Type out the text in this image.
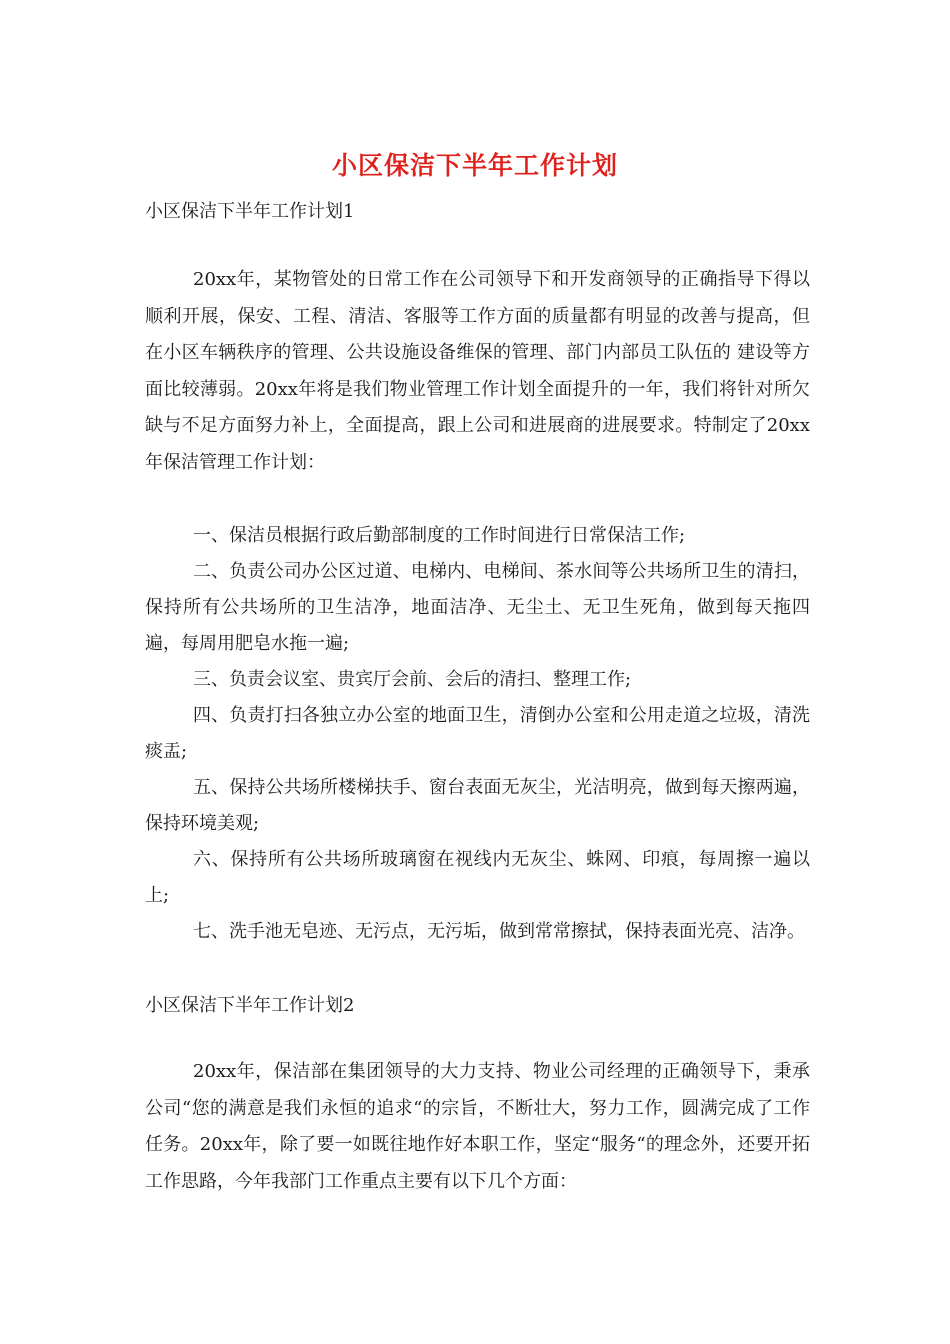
小区保洁下半年工作计划

小区保洁下半年工作计划1

20xx年，某物管处的日常工作在公司领导下和开发商领导的正确指导下得以顺利开展，保安、工程、清洁、客服等工作方面的质量都有明显的改善与提高，但在小区车辆秩序的管理、公共设施设备维保的管理、部门内部员工队伍的 建设等方面比较薄弱。20xx年将是我们物业管理工作计划全面提升的一年，我们将针对所欠缺与不足方面努力补上，全面提高，跟上公司和进展商的进展要求。特制定了20xx年保洁管理工作计划：

一、保洁员根据行政后勤部制度的工作时间进行日常保洁工作;

二、负责公司办公区过道、电梯内、电梯间、茶水间等公共场所卫生的清扫，保持所有公共场所的卫生洁净，地面洁净、无尘土、无卫生死角，做到每天拖四遍，每周用肥皂水拖一遍;

三、负责会议室、贵宾厅会前、会后的清扫、整理工作;

四、负责打扫各独立办公室的地面卫生，清倒办公室和公用走道之垃圾，清洗痰盂;

五、保持公共场所楼梯扶手、窗台表面无灰尘，光洁明亮，做到每天擦两遍，保持环境美观;

六、保持所有公共场所玻璃窗在视线内无灰尘、蛛网、印痕，每周擦一遍以上;

七、洗手池无皂迹、无污点，无污垢，做到常常擦拭，保持表面光亮、洁净。

小区保洁下半年工作计划2

20xx年，保洁部在集团领导的大力支持、物业公司经理的正确领导下，秉承公司“您的满意是我们永恒的追求“的宗旨，不断壮大，努力工作，圆满完成了工作任务。20xx年，除了要一如既往地作好本职工作，坚定“服务“的理念外，还要开拓工作思路，今年我部门工作重点主要有以下几个方面：
